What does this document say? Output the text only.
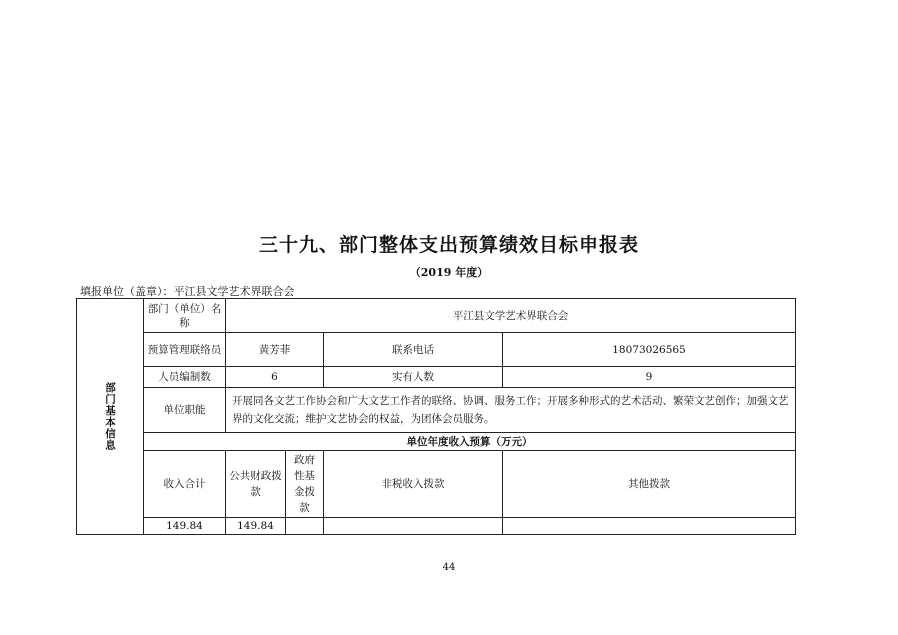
三十九、部门整体支出预算绩效目标申报表
（2019 年度）
填报单位（盖章）：平江县文学艺术界联合会
部门基本信息	部门（单位）名称	平江县文学艺术界联合会			
	预算管理联络员	黄芳菲		联系电话	18073026565
	人员编制数	6		实有人数	9
	单位职能	开展同各文艺工作协会和广大文艺工作者的联络、协调、服务工作；开展多种形式的艺术活动、繁荣文艺创作；加强文艺界的文化交流；维护文艺协会的权益，为团体会员服务。			
	单位年度收入预算（万元）				
	收入合计	公共财政拨款	政府性基金拨款	非税收入拨款	其他拨款
	149.84	149.84			
44
